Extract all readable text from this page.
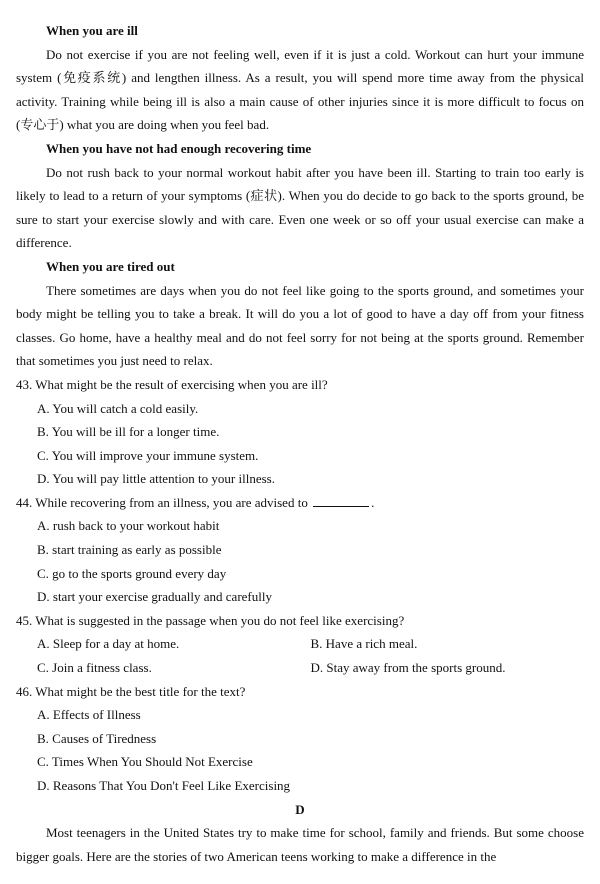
When you are ill

Do not exercise if you are not feeling well, even if it is just a cold. Workout can hurt your immune system (免疫系统) and lengthen illness. As a result, you will spend more time away from the physical activity. Training while being ill is also a main cause of other injuries since it is more difficult to focus on (专心于) what you are doing when you feel bad.

When you have not had enough recovering time

Do not rush back to your normal workout habit after you have been ill. Starting to train too early is likely to lead to a return of your symptoms (症状). When you do decide to go back to the sports ground, be sure to start your exercise slowly and with care. Even one week or so off your usual exercise can make a difference.

When you are tired out

There sometimes are days when you do not feel like going to the sports ground, and sometimes your body might be telling you to take a break. It will do you a lot of good to have a day off from your fitness classes. Go home, have a healthy meal and do not feel sorry for not being at the sports ground. Remember that sometimes you just need to relax.

43. What might be the result of exercising when you are ill?

A. You will catch a cold easily.

B. You will be ill for a longer time.

C. You will improve your immune system.

D. You will pay little attention to your illness.

44. While recovering from an illness, you are advised to	.

A. rush back to your workout habit

B. start training as early as possible

C. go to the sports ground every day

D. start your exercise gradually and carefully

45. What is suggested in the passage when you do not feel like exercising?

A. Sleep for a day at home.	B. Have a rich meal.

C. Join a fitness class.	D. Stay away from the sports ground.

46. What might be the best title for the text?

A. Effects of Illness

B. Causes of Tiredness

C. Times When You Should Not Exercise

D. Reasons That You Don't Feel Like Exercising

D

Most teenagers in the United States try to make time for school, family and friends. But some choose bigger goals. Here are the stories of two American teens working to make a difference in the
